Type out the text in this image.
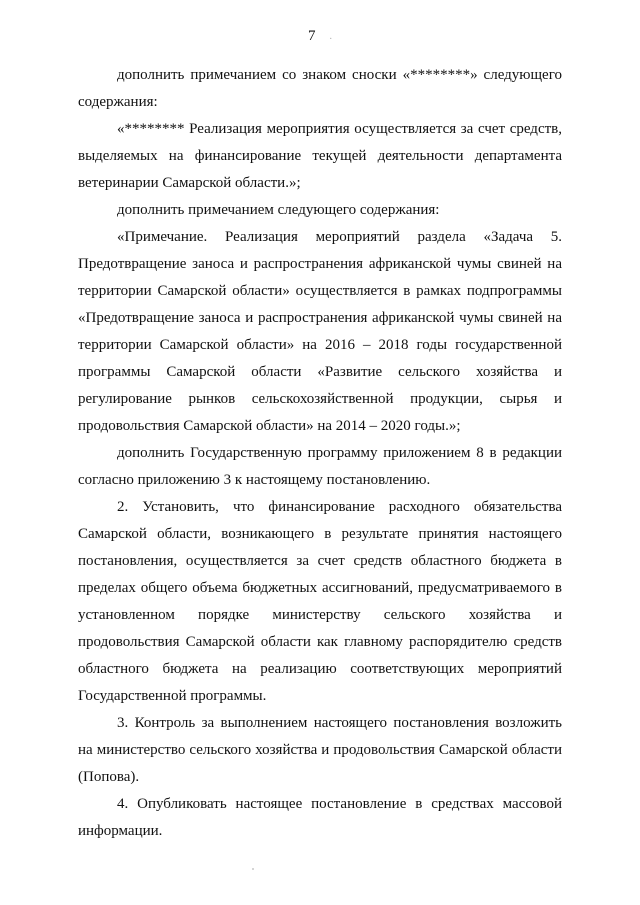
7 .

дополнить примечанием со знаком сноски «********» следующего содержания:

«******** Реализация мероприятия осуществляется за счет средств, выделяемых на финансирование текущей деятельности департамента ветеринарии Самарской области.»;

дополнить примечанием следующего содержания:

«Примечание. Реализация мероприятий раздела «Задача 5. Предотвращение заноса и распространения африканской чумы свиней на территории Самарской области» осуществляется в рамках подпрограммы «Предотвращение заноса и распространения африканской чумы свиней на территории Самарской области» на 2016 – 2018 годы государственной программы Самарской области «Развитие сельского хозяйства и регулирование рынков сельскохозяйственной продукции, сырья и продовольствия Самарской области» на 2014 – 2020 годы.»;

дополнить Государственную программу приложением 8 в редакции согласно приложению 3 к настоящему постановлению.

2. Установить, что финансирование расходного обязательства Самарской области, возникающего в результате принятия настоящего постановления, осуществляется за счет средств областного бюджета в пределах общего объема бюджетных ассигнований, предусматриваемого в установленном порядке министерству сельского хозяйства и продовольствия Самарской области как главному распорядителю средств областного бюджета на реализацию соответствующих мероприятий Государственной программы.

3. Контроль за выполнением настоящего постановления возложить на министерство сельского хозяйства и продовольствия Самарской области (Попова).

4. Опубликовать настоящее постановление в средствах массовой информации.
